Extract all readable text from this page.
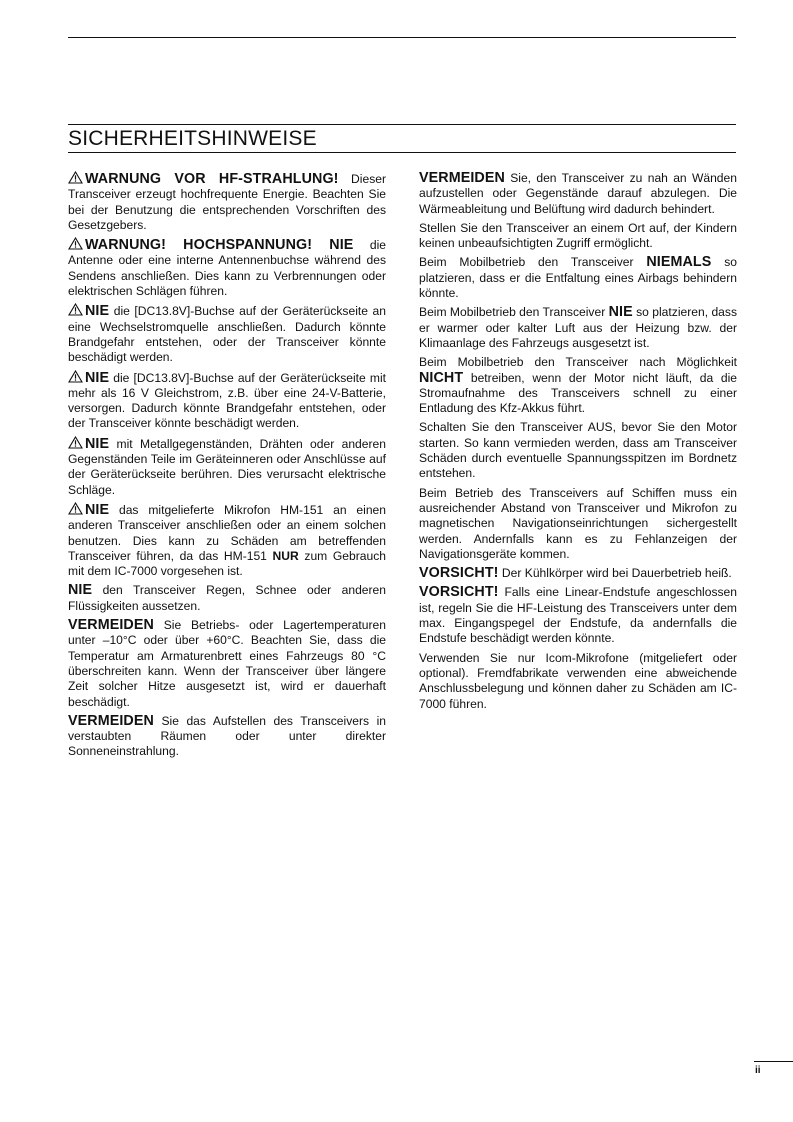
SICHERHEITSHINWEISE

WARNUNG VOR HF-STRAHLUNG! Dieser Transceiver erzeugt hochfrequente Energie. Beachten Sie bei der Benutzung die entsprechenden Vorschriften des Gesetzgebers.

WARNUNG! HOCHSPANNUNG! NIE die Antenne oder eine interne Antennenbuchse während des Sendens anschließen. Dies kann zu Verbrennungen oder elektrischen Schlägen führen.

NIE die [DC13.8V]-Buchse auf der Geräterückseite an eine Wechselstromquelle anschließen. Dadurch könnte Brandgefahr entstehen, oder der Transceiver könnte beschädigt werden.

NIE die [DC13.8V]-Buchse auf der Geräterückseite mit mehr als 16 V Gleichstrom, z.B. über eine 24-V-Batterie, versorgen. Dadurch könnte Brandgefahr entstehen, oder der Transceiver könnte beschädigt werden.

NIE mit Metallgegenständen, Drähten oder anderen Gegenständen Teile im Geräteinneren oder Anschlüsse auf der Geräterückseite berühren. Dies verursacht elektrische Schläge.

NIE das mitgelieferte Mikrofon HM-151 an einen anderen Transceiver anschließen oder an einem solchen benutzen. Dies kann zu Schäden am betreffenden Transceiver führen, da das HM-151 NUR zum Gebrauch mit dem IC-7000 vorgesehen ist.

NIE den Transceiver Regen, Schnee oder anderen Flüssigkeiten aussetzen.

VERMEIDEN Sie Betriebs- oder Lagertemperaturen unter –10°C oder über +60°C. Beachten Sie, dass die Temperatur am Armaturenbrett eines Fahrzeugs 80 °C überschreiten kann. Wenn der Transceiver über längere Zeit solcher Hitze ausgesetzt ist, wird er dauerhaft beschädigt.

VERMEIDEN Sie das Aufstellen des Transceivers in verstaubten Räumen oder unter direkter Sonneneinstrahlung.

VERMEIDEN Sie, den Transceiver zu nah an Wänden aufzustellen oder Gegenstände darauf abzulegen. Die Wärmeableitung und Belüftung wird dadurch behindert.

Stellen Sie den Transceiver an einem Ort auf, der Kindern keinen unbeaufsichtigten Zugriff ermöglicht.

Beim Mobilbetrieb den Transceiver NIEMALS so platzieren, dass er die Entfaltung eines Airbags behindern könnte.

Beim Mobilbetrieb den Transceiver NIE so platzieren, dass er warmer oder kalter Luft aus der Heizung bzw. der Klimaanlage des Fahrzeugs ausgesetzt ist.

Beim Mobilbetrieb den Transceiver nach Möglichkeit NICHT betreiben, wenn der Motor nicht läuft, da die Stromaufnahme des Transceivers schnell zu einer Entladung des Kfz-Akkus führt.

Schalten Sie den Transceiver AUS, bevor Sie den Motor starten. So kann vermieden werden, dass am Transceiver Schäden durch eventuelle Spannungsspitzen im Bordnetz entstehen.

Beim Betrieb des Transceivers auf Schiffen muss ein ausreichender Abstand von Transceiver und Mikrofon zu magnetischen Navigationseinrichtungen sichergestellt werden. Andernfalls kann es zu Fehlanzeigen der Navigationsgeräte kommen.

VORSICHT! Der Kühlkörper wird bei Dauerbetrieb heiß.

VORSICHT! Falls eine Linear-Endstufe angeschlossen ist, regeln Sie die HF-Leistung des Transceivers unter dem max. Eingangspegel der Endstufe, da andernfalls die Endstufe beschädigt werden könnte.

Verwenden Sie nur Icom-Mikrofone (mitgeliefert oder optional). Fremdfabrikate verwenden eine abweichende Anschlussbelegung und können daher zu Schäden am IC-7000 führen.

ii
